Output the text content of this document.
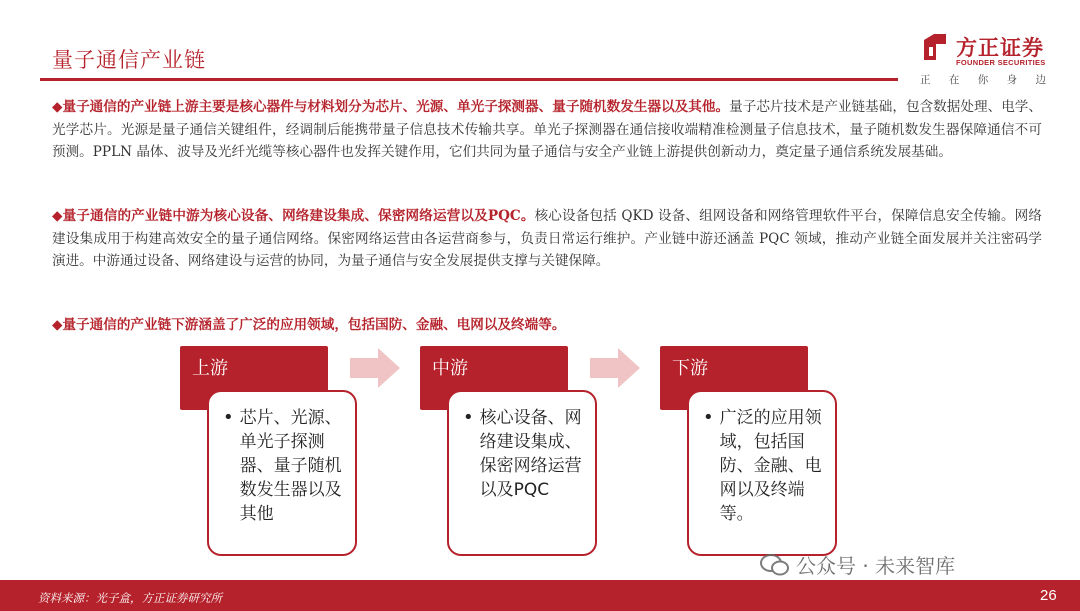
量子通信产业链	方正证券
FOUNDER SECURITIES
正 在 你 身 边

◆量子通信的产业链上游主要是核心器件与材料划分为芯片、光源、单光子探测器、量子随机数发生器以及其他。量子芯片技术是产业链基础，包含数据处理、电学、光学芯片。光源是量子通信关键组件，经调制后能携带量子信息技术传输共享。单光子探测器在通信接收端精准检测量子信息技术，量子随机数发生器保障通信不可预测。PPLN 晶体、波导及光纤光缆等核心器件也发挥关键作用，它们共同为量子通信与安全产业链上游提供创新动力，奠定量子通信系统发展基础。

◆量子通信的产业链中游为核心设备、网络建设集成、保密网络运营以及PQC。核心设备包括 QKD 设备、组网设备和网络管理软件平台，保障信息安全传输。网络建设集成用于构建高效安全的量子通信网络。保密网络运营由各运营商参与，负责日常运行维护。产业链中游还涵盖 PQC 领域，推动产业链全面发展并关注密码学演进。中游通过设备、网络建设与运营的协同，为量子通信与安全发展提供支撑与关键保障。

◆量子通信的产业链下游涵盖了广泛的应用领域，包括国防、金融、电网以及终端等。

上游
• 芯片、光源、单光子探测器、量子随机数发生器以及其他
中游
• 核心设备、网络建设集成、保密网络运营以及PQC
下游
• 广泛的应用领域，包括国防、金融、电网以及终端等。
资料来源：光子盒，方正证券研究所	26
公众号 · 未来智库
